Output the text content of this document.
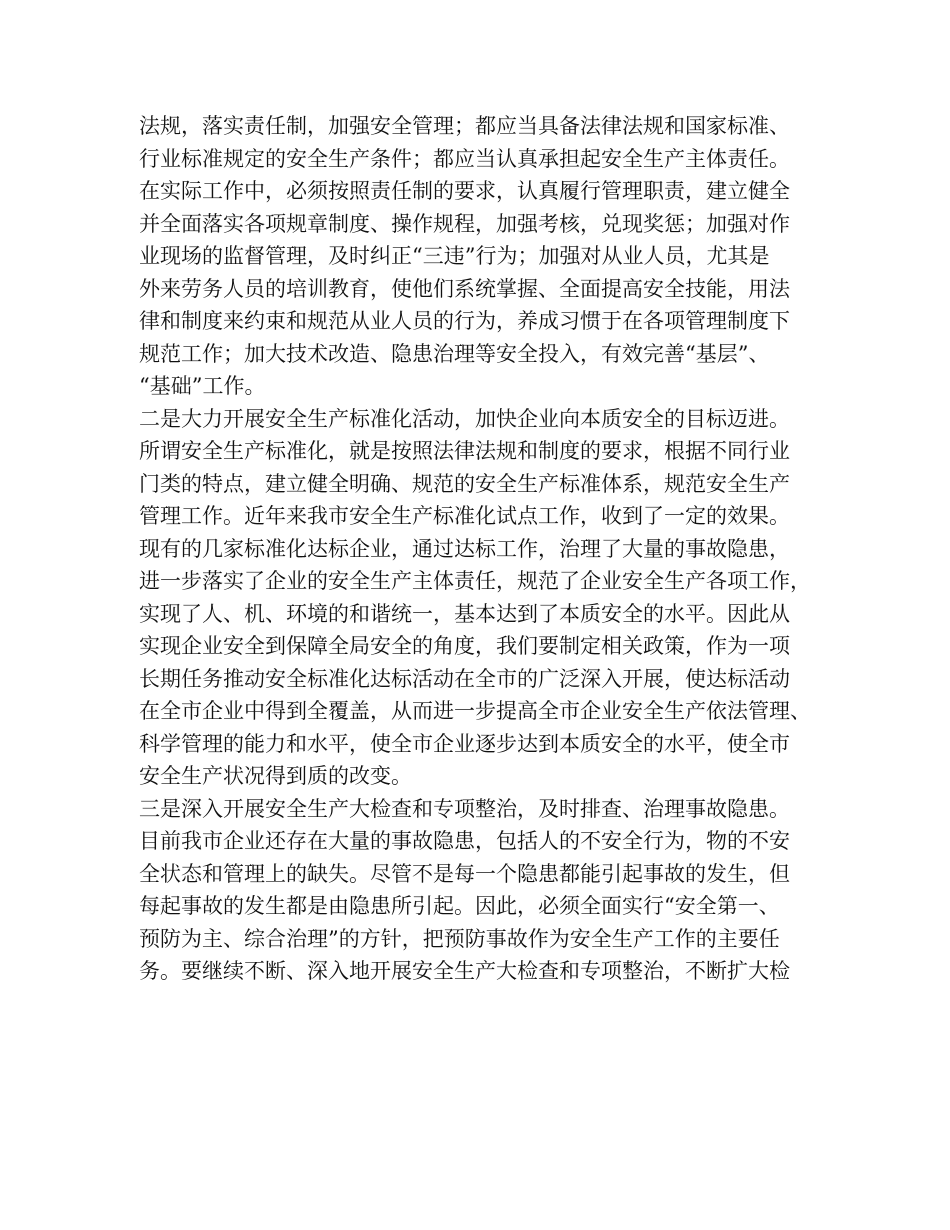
法规，落实责任制，加强安全管理；都应当具备法律法规和国家标准、
行业标准规定的安全生产条件；都应当认真承担起安全生产主体责任。
在实际工作中，必须按照责任制的要求，认真履行管理职责，建立健全
并全面落实各项规章制度、操作规程，加强考核，兑现奖惩；加强对作
业现场的监督管理，及时纠正“三违”行为；加强对从业人员，尤其是
外来劳务人员的培训教育，使他们系统掌握、全面提高安全技能，用法
律和制度来约束和规范从业人员的行为，养成习惯于在各项管理制度下
规范工作；加大技术改造、隐患治理等安全投入，有效完善“基层”、
“基础”工作。
二是大力开展安全生产标准化活动，加快企业向本质安全的目标迈进。
所谓安全生产标准化，就是按照法律法规和制度的要求，根据不同行业
门类的特点，建立健全明确、规范的安全生产标准体系，规范安全生产
管理工作。近年来我市安全生产标准化试点工作，收到了一定的效果。
现有的几家标准化达标企业，通过达标工作，治理了大量的事故隐患，
进一步落实了企业的安全生产主体责任，规范了企业安全生产各项工作，
实现了人、机、环境的和谐统一，基本达到了本质安全的水平。因此从
实现企业安全到保障全局安全的角度，我们要制定相关政策，作为一项
长期任务推动安全标准化达标活动在全市的广泛深入开展，使达标活动
在全市企业中得到全覆盖，从而进一步提高全市企业安全生产依法管理、
科学管理的能力和水平，使全市企业逐步达到本质安全的水平，使全市
安全生产状况得到质的改变。
三是深入开展安全生产大检查和专项整治，及时排查、治理事故隐患。
目前我市企业还存在大量的事故隐患，包括人的不安全行为，物的不安
全状态和管理上的缺失。尽管不是每一个隐患都能引起事故的发生，但
每起事故的发生都是由隐患所引起。因此，必须全面实行“安全第一、
预防为主、综合治理”的方针，把预防事故作为安全生产工作的主要任
务。要继续不断、深入地开展安全生产大检查和专项整治，不断扩大检
